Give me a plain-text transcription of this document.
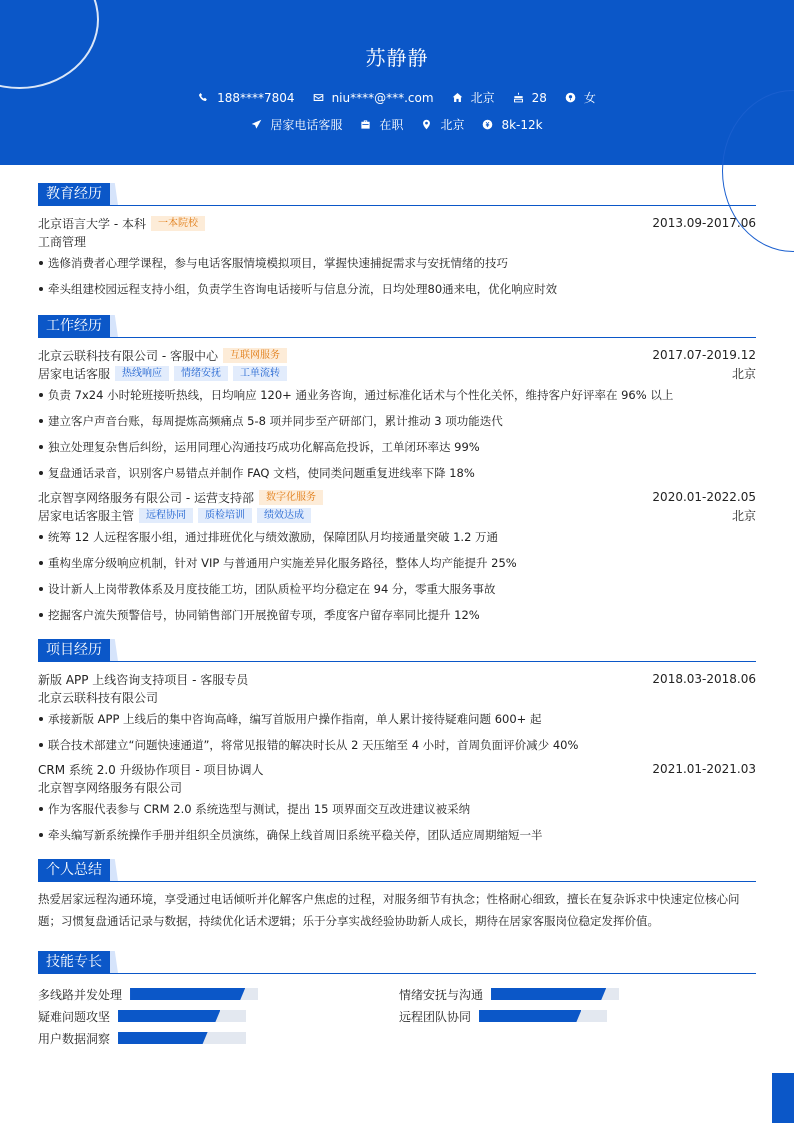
苏静静
188****7804	niu****@***.com	北京	28	女
居家电话客服	在职	北京	8k-12k
教育经历
北京语言大学 - 本科	一本院校	2013.09-2017.06
工商管理
选修消费者心理学课程，参与电话客服情境模拟项目，掌握快速捕捉需求与安抚情绪的技巧
牵头组建校园远程支持小组，负责学生咨询电话接听与信息分流，日均处理80通来电，优化响应时效
工作经历
北京云联科技有限公司 - 客服中心	互联网服务	2017.07-2019.12
居家电话客服	热线响应	情绪安抚	工单流转	北京
负责 7x24 小时轮班接听热线，日均响应 120+ 通业务咨询，通过标准化话术与个性化关怀，维持客户好评率在 96% 以上
建立客户声音台账，每周提炼高频痛点 5-8 项并同步至产研部门，累计推动 3 项功能迭代
独立处理复杂售后纠纷，运用同理心沟通技巧成功化解高危投诉，工单闭环率达 99%
复盘通话录音，识别客户易错点并制作 FAQ 文档，使同类问题重复进线率下降 18%
北京智享网络服务有限公司 - 运营支持部	数字化服务	2020.01-2022.05
居家电话客服主管	远程协同	质检培训	绩效达成	北京
统筹 12 人远程客服小组，通过排班优化与绩效激励，保障团队月均接通量突破 1.2 万通
重构坐席分级响应机制，针对 VIP 与普通用户实施差异化服务路径，整体人均产能提升 25%
设计新人上岗带教体系及月度技能工坊，团队质检平均分稳定在 94 分，零重大服务事故
挖掘客户流失预警信号，协同销售部门开展挽留专项，季度客户留存率同比提升 12%
项目经历
新版 APP 上线咨询支持项目 - 客服专员	2018.03-2018.06
北京云联科技有限公司
承接新版 APP 上线后的集中咨询高峰，编写首版用户操作指南，单人累计接待疑难问题 600+ 起
联合技术部建立“问题快速通道”，将常见报错的解决时长从 2 天压缩至 4 小时，首周负面评价减少 40%
CRM 系统 2.0 升级协作项目 - 项目协调人	2021.01-2021.03
北京智享网络服务有限公司
作为客服代表参与 CRM 2.0 系统选型与测试，提出 15 项界面交互改进建议被采纳
牵头编写新系统操作手册并组织全员演练，确保上线首周旧系统平稳关停，团队适应周期缩短一半
个人总结
热爱居家远程沟通环境，享受通过电话倾听并化解客户焦虑的过程，对服务细节有执念；性格耐心细致，擅长在复杂诉求中快速定位核心问题；习惯复盘通话记录与数据，持续优化话术逻辑；乐于分享实战经验协助新人成长，期待在居家客服岗位稳定发挥价值。
技能专长
多线路并发处理	情绪安抚与沟通
疑难问题攻坚	远程团队协同
用户数据洞察
